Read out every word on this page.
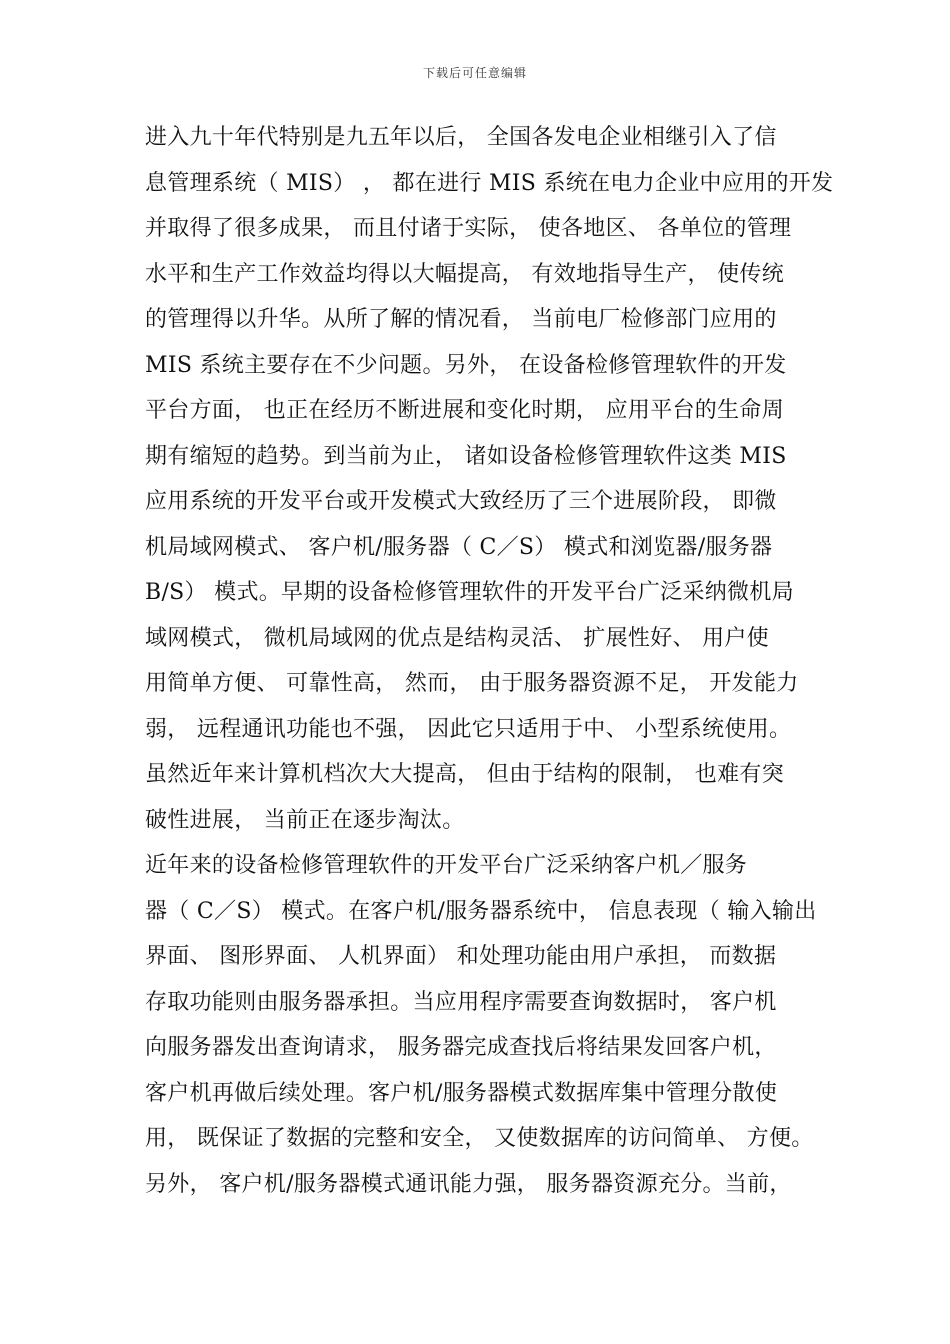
下载后可任意编辑
进入九十年代特别是九五年以后， 全国各发电企业相继引入了信
息管理系统（ MIS） ， 都在进行 MIS 系统在电力企业中应用的开发
并取得了很多成果， 而且付诸于实际， 使各地区、 各单位的管理
水平和生产工作效益均得以大幅提高， 有效地指导生产， 使传统
的管理得以升华。从所了解的情况看， 当前电厂检修部门应用的
MIS 系统主要存在不少问题。另外， 在设备检修管理软件的开发
平台方面， 也正在经历不断进展和变化时期， 应用平台的生命周
期有缩短的趋势。到当前为止， 诸如设备检修管理软件这类 MIS
应用系统的开发平台或开发模式大致经历了三个进展阶段， 即微
机局域网模式、 客户机/服务器（ C／S） 模式和浏览器/服务器
B/S） 模式。早期的设备检修管理软件的开发平台广泛采纳微机局
域网模式， 微机局域网的优点是结构灵活、 扩展性好、 用户使
用简单方便、 可靠性高， 然而， 由于服务器资源不足， 开发能力
弱， 远程通讯功能也不强， 因此它只适用于中、 小型系统使用。
虽然近年来计算机档次大大提高， 但由于结构的限制， 也难有突
破性进展， 当前正在逐步淘汰。
近年来的设备检修管理软件的开发平台广泛采纳客户机／服务
器（ C／S） 模式。在客户机/服务器系统中， 信息表现（ 输入输出
界面、 图形界面、 人机界面） 和处理功能由用户承担， 而数据
存取功能则由服务器承担。当应用程序需要查询数据时， 客户机
向服务器发出查询请求， 服务器完成查找后将结果发回客户机，
客户机再做后续处理。客户机/服务器模式数据库集中管理分散使
用， 既保证了数据的完整和安全， 又使数据库的访问简单、 方便。
另外， 客户机/服务器模式通讯能力强， 服务器资源充分。当前，
